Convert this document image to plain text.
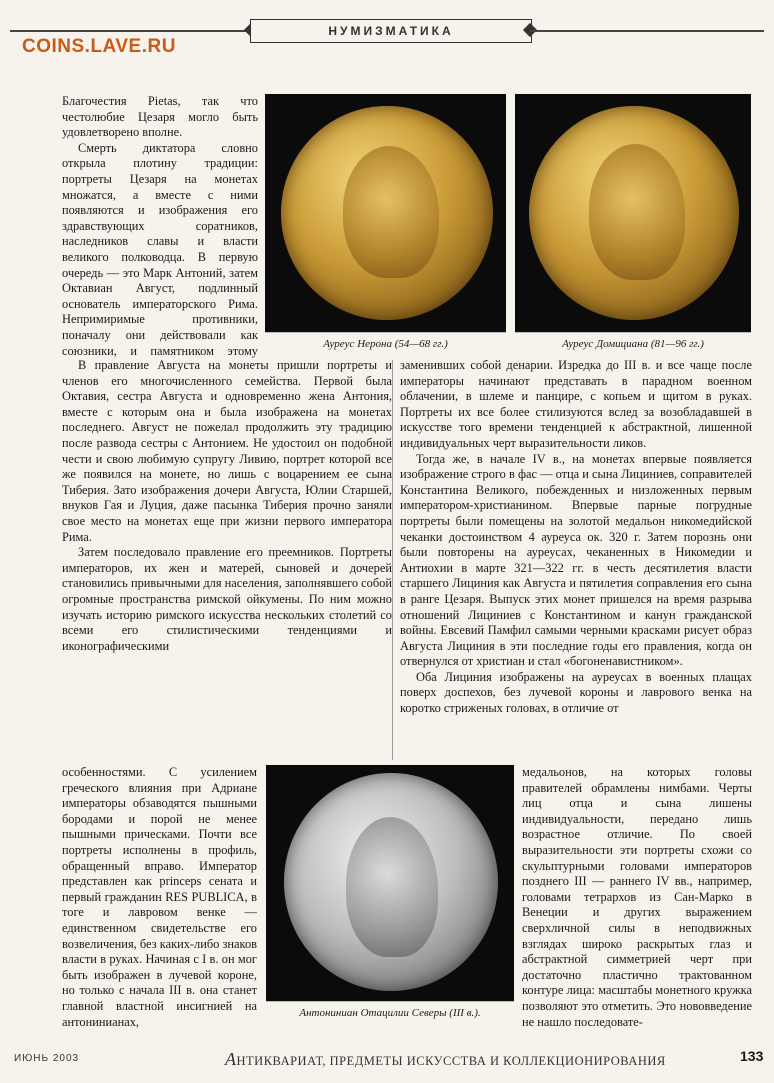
НУМИЗМАТИКА
COINS.LAVE.RU

Благочестия Pietas, так что честолюбие Цезаря могло быть удовлетворено вполне.

Смерть диктатора словно открыла плотину традиции: портреты Цезаря на монетах множатся, а вместе с ними появляются и изображения его здравствующих соратников, наследников славы и власти великого полководца. В первую очередь — это Марк Антоний, затем Октавиан Август, подлинный основатель императорского Рима. Непримиримые противники, поначалу они действовали как союзники, и памятником этому

В правление Августа на монеты пришли портреты и членов его многочисленного семейства. Первой была Октавия, сестра Августа и одновременно жена Антония, вместе с которым она и была изображена на монетах последнего. Август не пожелал продолжить эту традицию после развода сестры с Антонием. Не удостоил он подобной чести и свою любимую супругу Ливию, портрет которой все же появился на монете, но лишь с воцарением ее сына Тиберия. Зато изображения дочери Августа, Юлии Старшей, внуков Гая и Луция, даже пасынка Тиберия прочно заняли свое место на монетах еще при жизни первого императора Рима.

Затем последовало правление его преемников. Портреты императоров, их жен и матерей, сыновей и дочерей становились привычными для населения, заполнявшего собой огромные пространства римской ойкумены. По ним можно изучать историю римского искусства нескольких столетий со всеми его стилистическими тенденциями и иконографическими

особенностями. С усилением греческого влияния при Адриане императоры обзаводятся пышными бородами и порой не менее пышными прическами. Почти все портреты исполнены в профиль, обращенный вправо. Император представлен как princeps сената и первый гражданин RES PUBLICA, в тоге и лавровом венке — единственном свидетельстве его возвеличения, без каких-либо знаков власти в руках. Начиная с I в. он мог быть изображен в лучевой короне, но только с начала III в. она станет главной властной инсигнией на антониниaнах,

Ауреус Нерона (54—68 гг.)	Ауреус Домициана (81—96 гг.)

заменивших собой денарии. Изредка до III в. и все чаще после императоры начинают представать в парадном военном облачении, в шлеме и панцире, с копьем и щитом в руках. Портреты их все более стилизуются вслед за возобладавшей в искусстве того времени тенденцией к абстрактной, лишенной индивидуальных черт выразительности ликов.

Тогда же, в начале IV в., на монетах впервые появляется изображение строго в фас — отца и сына Лициниев, соправителей Константина Великого, побежденных и низложенных первым императором-христианином. Впервые парные погрудные портреты были помещены на золотой медальон никомедийской чеканки достоинством 4 ауреуса ок. 320 г. Затем порознь они были повторены на ауреусах, чеканенных в Никомедии и Антиохии в марте 321—322 гг. в честь десятилетия власти старшего Лициния как Августа и пятилетия соправления его сына в ранге Цезаря. Выпуск этих монет пришелся на время разрыва отношений Лициниев с Константином и канун гражданской войны. Евсевий Памфил самыми черными красками рисует образ Августа Лициния в эти последние годы его правления, когда он отвернулся от христиан и стал «богоненавистником».

Оба Лициния изображены на ауреусах в военных плащах поверх доспехов, без лучевой короны и лаврового венка на коротко стриженых головах, в отличие от

Антониниан Отацилии Северы (III в.).

медальонов, на которых головы правителей обрамлены нимбами. Черты лиц отца и сына лишены индивидуальности, передано лишь возрастное отличие. По своей выразительности эти портреты схожи со скульптурными головами императоров позднего III — раннего IV вв., например, головами тетрархов из Сан-Марко в Венеции и других выражением сверхличной силы в неподвижных взглядах широко раскрытых глаз и абстрактной симметрией черт при достаточно пластично трактованном контуре лица: масштабы монетного кружка позволяют это отметить. Это нововведение не нашло последовате-

ИЮНЬ 2003	АНТИКВАРИАТ, ПРЕДМЕТЫ ИСКУССТВА И КОЛЛЕКЦИОНИРОВАНИЯ	133
